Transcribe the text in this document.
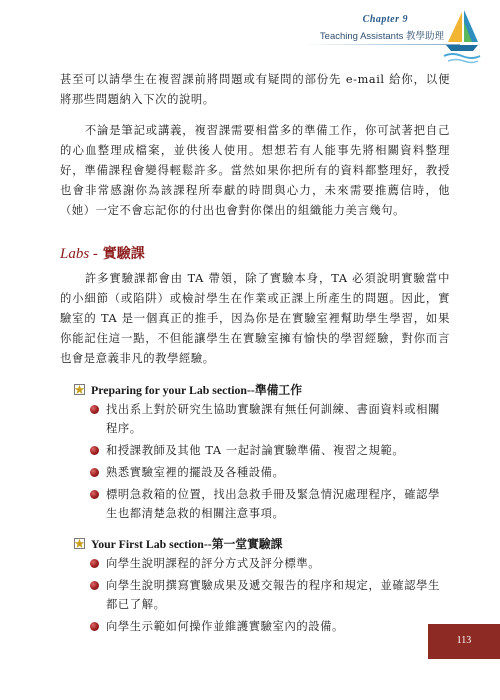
Chapter 9
Teaching Assistants 教學助理

甚至可以請學生在複習課前將問題或有疑問的部份先 e-mail 給你，以便將那些問題納入下次的說明。

不論是筆記或講義，複習課需要相當多的準備工作，你可試著把自己的心血整理成檔案，並供後人使用。想想若有人能事先將相關資料整理好，準備課程會變得輕鬆許多。當然如果你把所有的資料都整理好，教授也會非常感謝你為該課程所奉獻的時間與心力，未來需要推薦信時，他（她）一定不會忘記你的付出也會對你傑出的組織能力美言幾句。

Labs - 實驗課

許多實驗課都會由 TA 帶領，除了實驗本身，TA 必須說明實驗當中的小細節（或陷阱）或檢討學生在作業或正課上所產生的問題。因此，實驗室的 TA 是一個真正的推手，因為你是在實驗室裡幫助學生學習，如果你能記住這一點，不但能讓學生在實驗室擁有愉快的學習經驗，對你而言也會是意義非凡的教學經驗。

Preparing for your Lab section--準備工作

找出系上對於研究生協助實驗課有無任何訓練、書面資料或相關程序。

和授課教師及其他 TA 一起討論實驗準備、複習之規範。

熟悉實驗室裡的擺設及各種設備。

標明急救箱的位置，找出急救手冊及緊急情況處理程序，確認學生也都清楚急救的相關注意事項。

Your First Lab section--第一堂實驗課

向學生說明課程的評分方式及評分標準。

向學生說明撰寫實驗成果及遞交報告的程序和規定，並確認學生都已了解。

向學生示範如何操作並維護實驗室內的設備。

113
